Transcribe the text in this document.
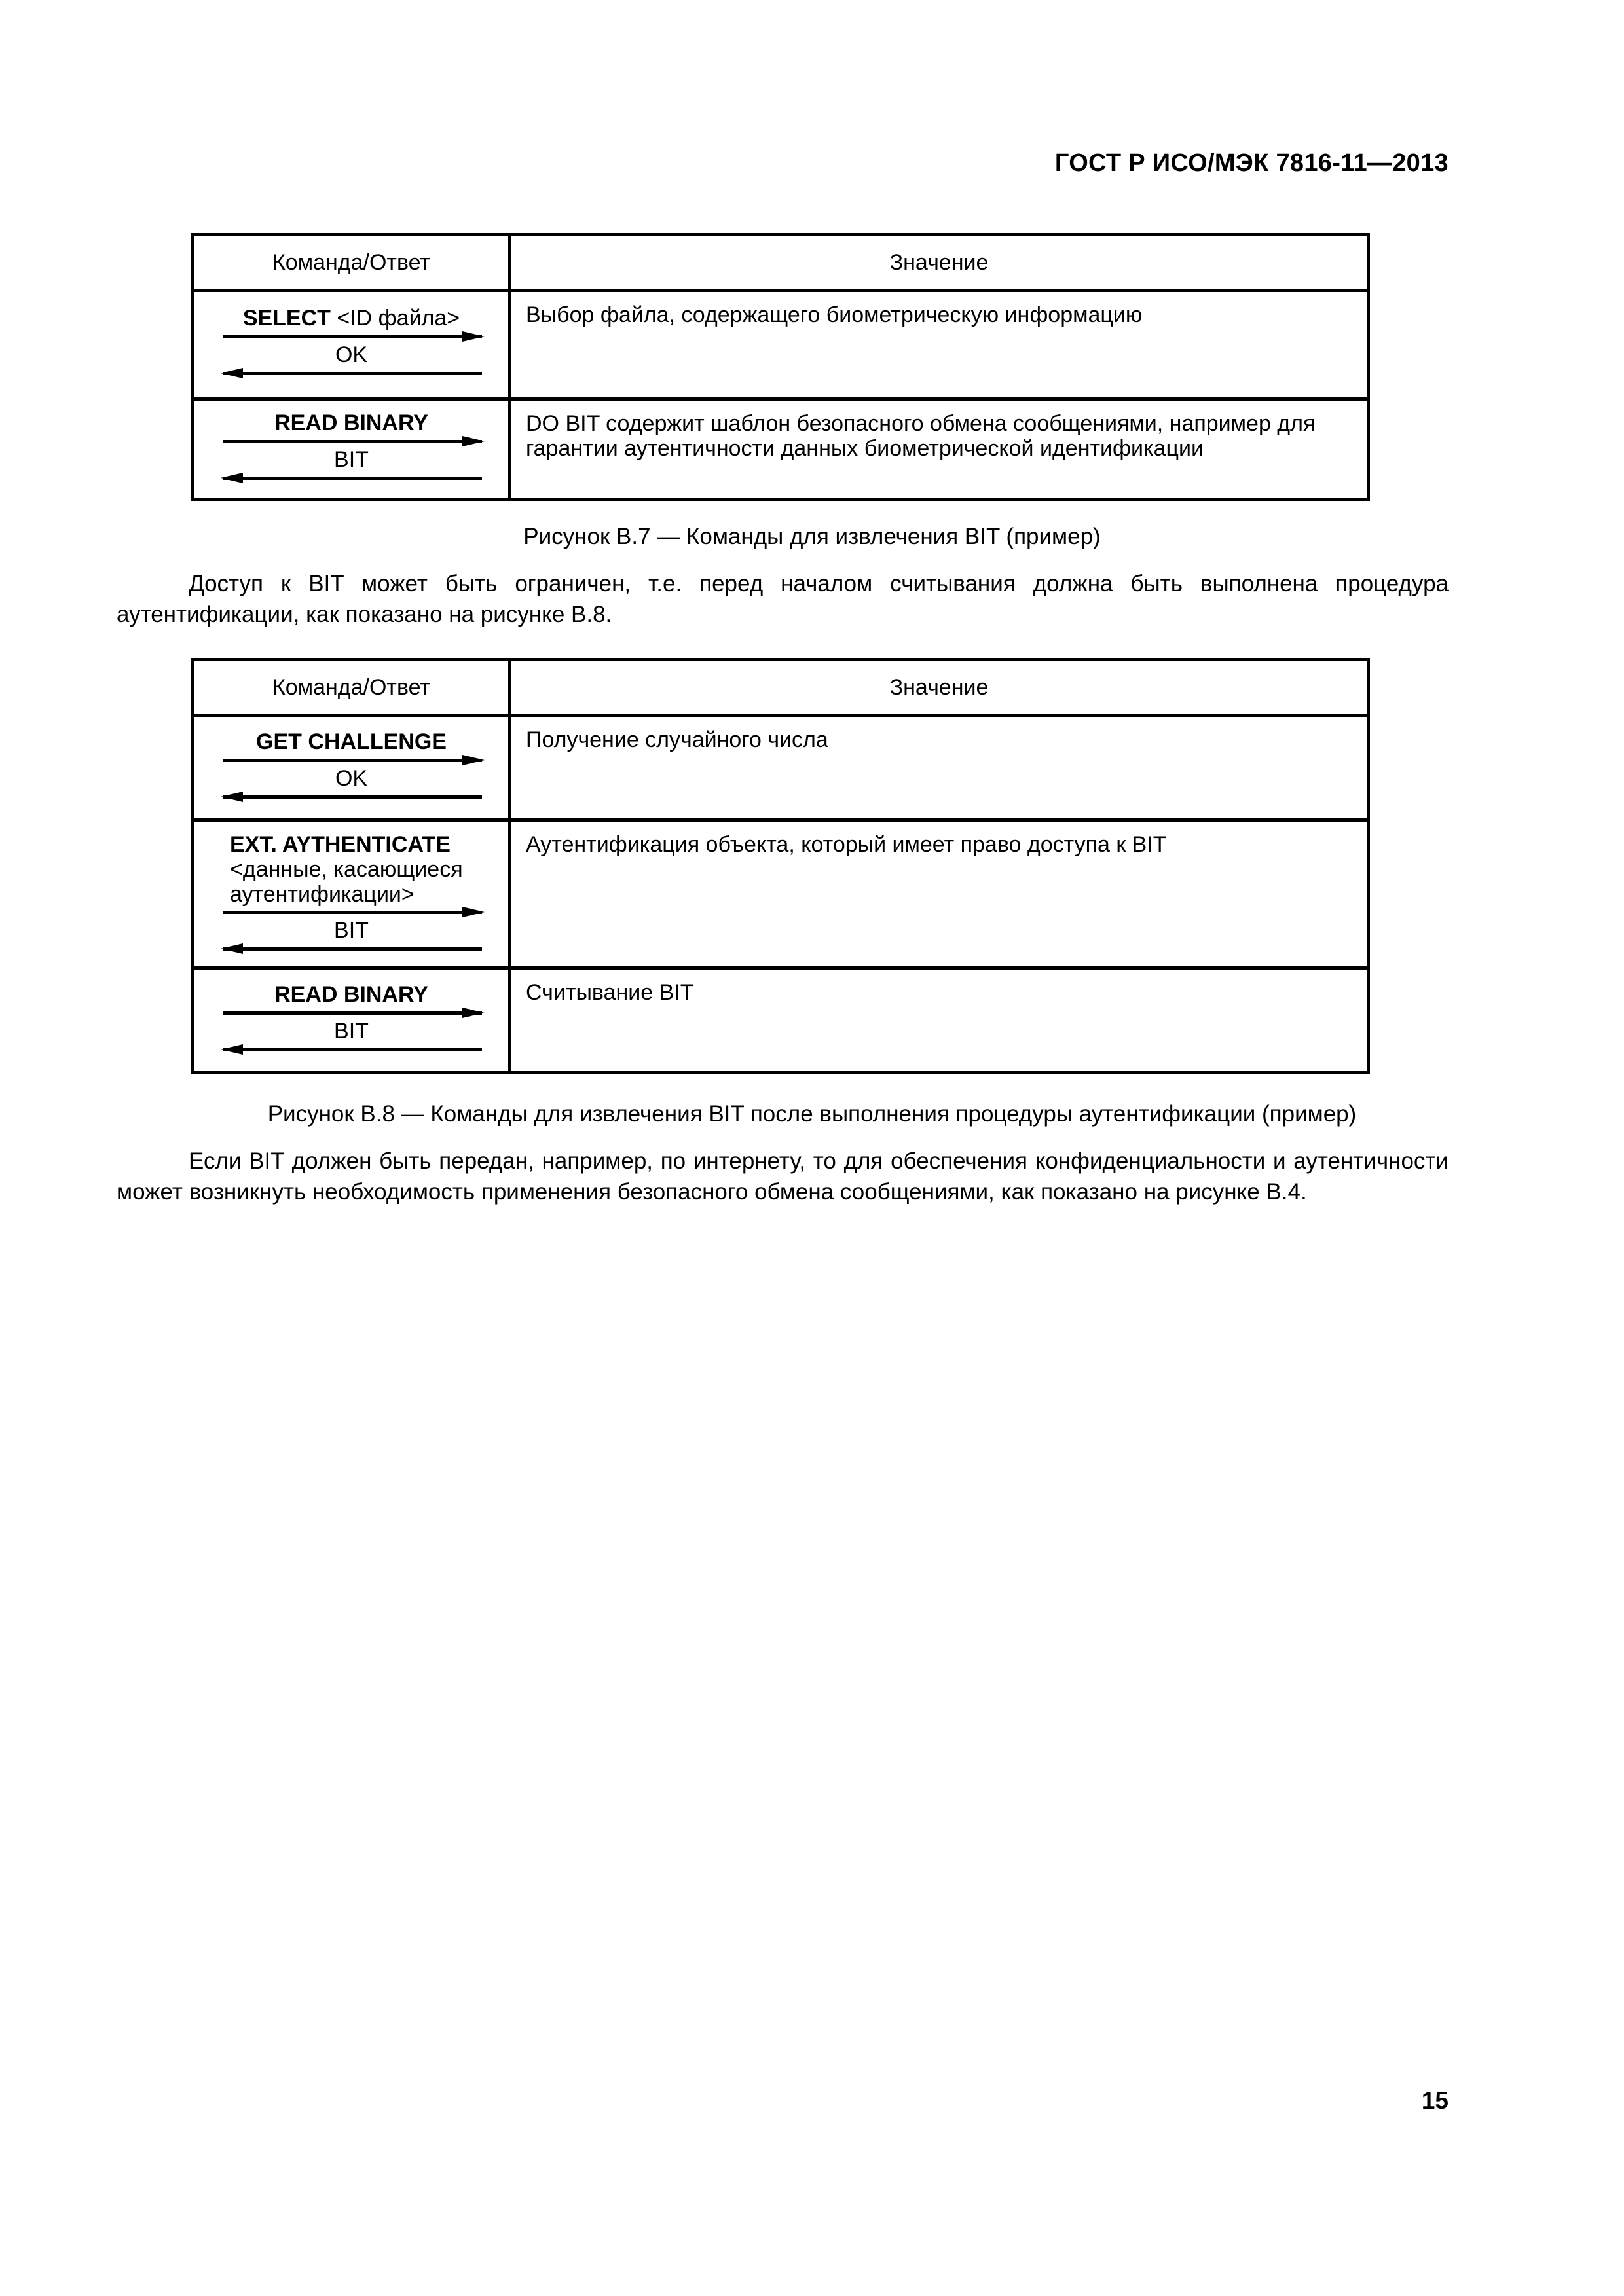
ГОСТ Р ИСО/МЭК 7816-11—2013
Команда/Ответ	Значение

SELECT <ID файла>
OK	Выбор файла, содержащего биометрическую информацию

READ BINARY
BIT	DO BIT содержит шаблон безопасного обмена сообщениями, например для гарантии аутентичности данных биометрической идентификации
Рисунок В.7 — Команды для извлечения BIT (пример)
Доступ к BIT может быть ограничен, т.е. перед началом считывания должна быть выполнена процедура аутентификации, как показано на рисунке В.8.
Команда/Ответ	Значение

GET CHALLENGE
OK	Получение случайного числа

EXT. AYTHENTICATE
<данные, касающиеся
аутентификации>
BIT	Аутентификация объекта, который имеет право доступа к BIT

READ BINARY
BIT	Считывание BIT
Рисунок В.8 — Команды для извлечения BIT после выполнения процедуры аутентификации (пример)
Если BIT должен быть передан, например, по интернету, то для обеспечения конфиденциальности и аутентичности может возникнуть необходимость применения безопасного обмена сообщениями, как показано на рисунке В.4.
15
